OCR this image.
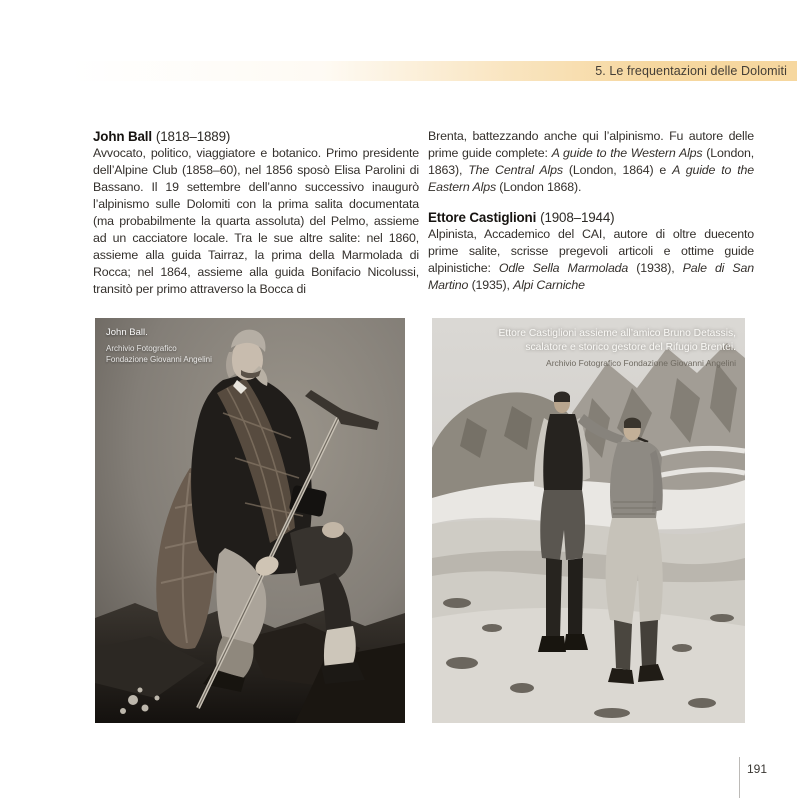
5. Le frequentazioni delle Dolomiti
John Ball (1818–1889)

Avvocato, politico, viaggiatore e botanico. Primo presidente dell’Alpine Club (1858–60), nel 1856 sposò Elisa Parolini di Bassano. Il 19 settembre dell’anno successivo inaugurò l’alpinismo sulle Dolomiti con la prima salita documentata (ma probabilmente la quarta assoluta) del Pelmo, assieme ad un cacciatore locale. Tra le sue altre salite: nel 1860, assieme alla guida Tairraz, la prima della Marmolada di Rocca; nel 1864, assieme alla guida Bonifacio Nicolussi, transitò per primo attraverso la Bocca di

Brenta, battezzando anche qui l’alpinismo. Fu autore delle prime guide complete: A guide to the Western Alps (London, 1863), The Central Alps (London, 1864) e A guide to the Eastern Alps (London 1868).

Ettore Castiglioni (1908–1944)

Alpinista, Accademico del CAI, autore di oltre duecento prime salite, scrisse pregevoli articoli e ottime guide alpinistiche: Odle Sella Marmolada (1938), Pale di San Martino (1935), Alpi Carniche

John Ball.
Archivio Fotografico
Fondazione Giovanni Angelini
Ettore Castiglioni assieme all’amico Bruno Detassis,
scalatore e storico gestore del Rifugio Brentei.
Archivio Fotografico Fondazione Giovanni Angelini
191
